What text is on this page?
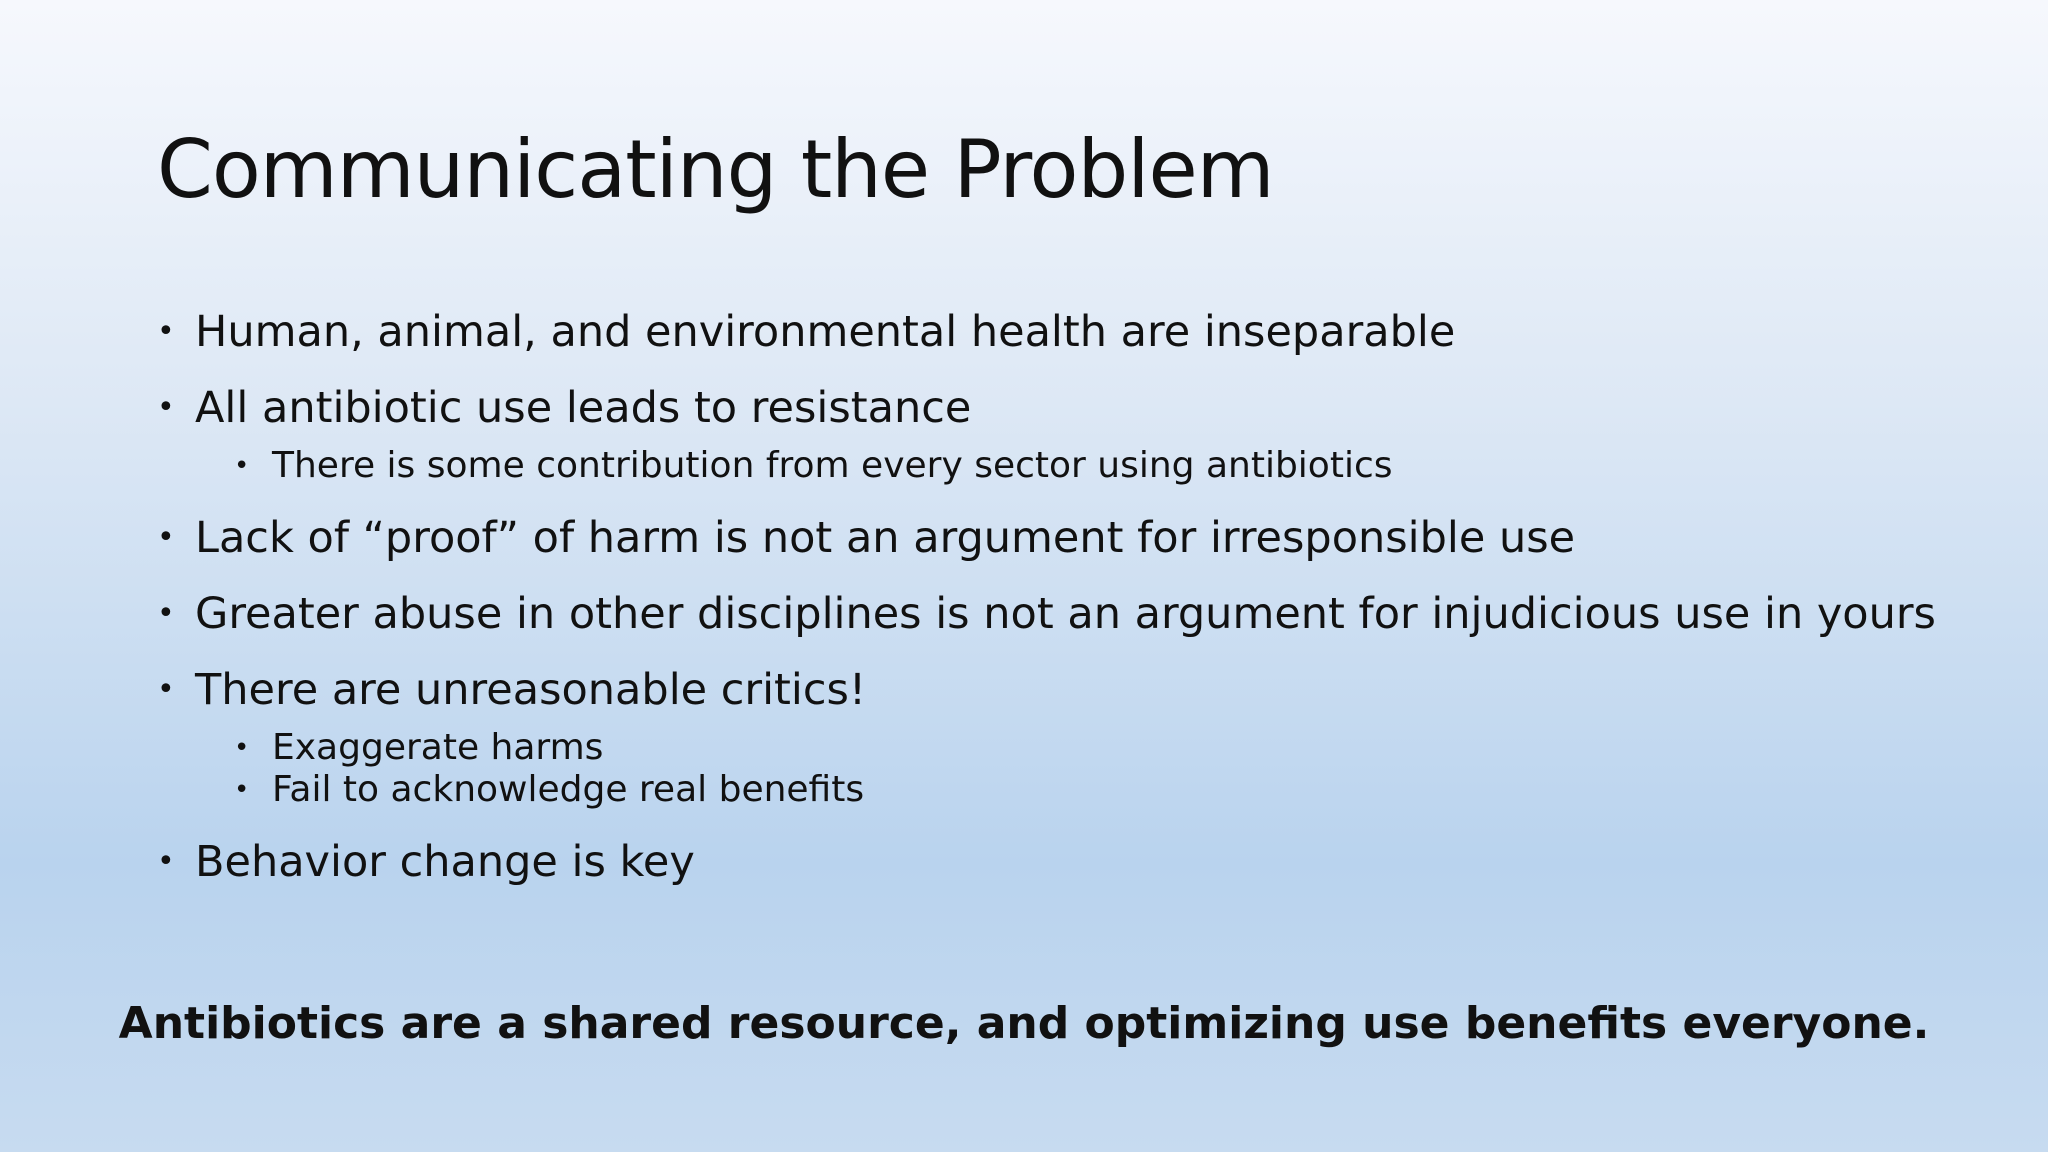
Communicating the Problem
• Human, animal, and environmental health are inseparable
• All antibiotic use leads to resistance
• There is some contribution from every sector using antibiotics
• Lack of “proof” of harm is not an argument for irresponsible use
• Greater abuse in other disciplines is not an argument for injudicious use in yours
• There are unreasonable critics!
• Exaggerate harms
• Fail to acknowledge real benefits
• Behavior change is key
Antibiotics are a shared resource, and optimizing use benefits everyone.
